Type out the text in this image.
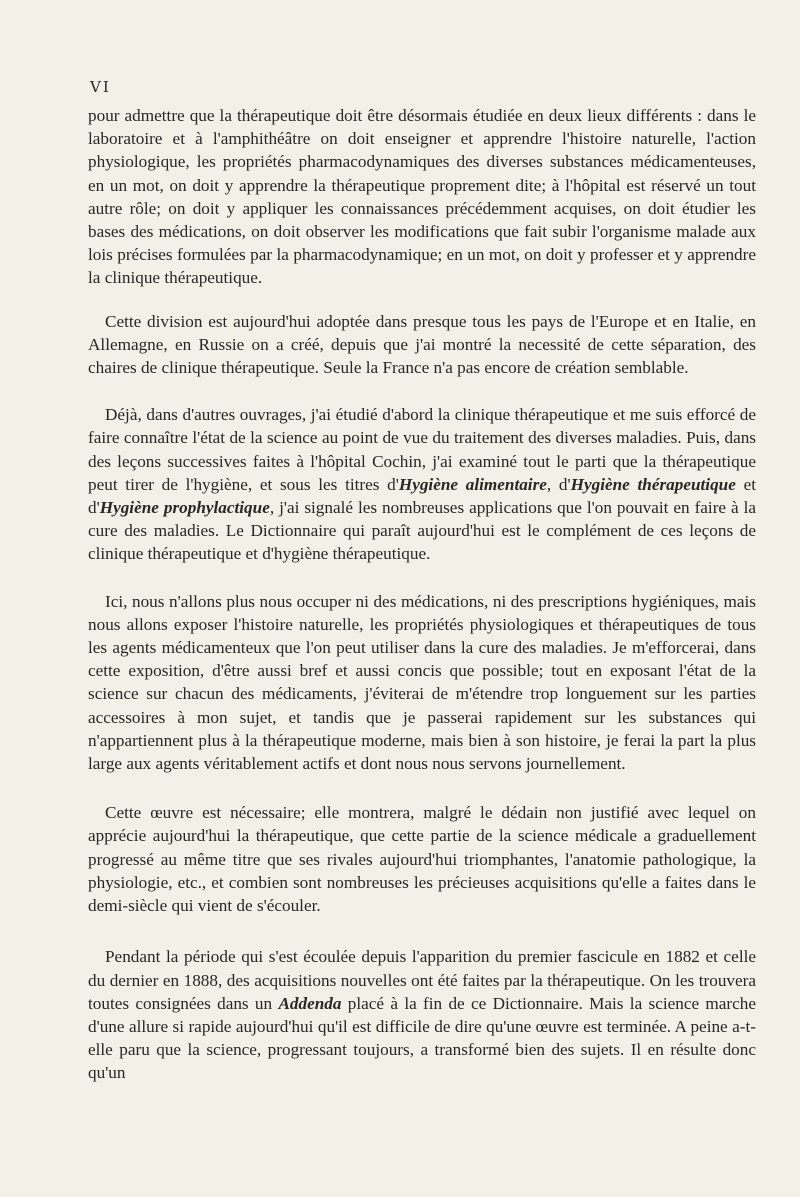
VI

pour admettre que la thérapeutique doit être désormais étudiée en deux lieux différents : dans le laboratoire et à l'amphithéâtre on doit enseigner et apprendre l'histoire naturelle, l'action physiologique, les propriétés pharmacodynamiques des diverses substances médicamenteuses, en un mot, on doit y apprendre la thérapeutique proprement dite; à l'hôpital est réservé un tout autre rôle; on doit y appliquer les connaissances précédemment acquises, on doit étudier les bases des médications, on doit observer les modifications que fait subir l'organisme malade aux lois précises formulées par la pharmacodynamique; en un mot, on doit y professer et y apprendre la clinique thérapeutique.

Cette division est aujourd'hui adoptée dans presque tous les pays de l'Europe et en Italie, en Allemagne, en Russie on a créé, depuis que j'ai montré la necessité de cette séparation, des chaires de clinique thérapeutique. Seule la France n'a pas encore de création semblable.

Déjà, dans d'autres ouvrages, j'ai étudié d'abord la clinique thérapeutique et me suis efforcé de faire connaître l'état de la science au point de vue du traitement des diverses maladies. Puis, dans des leçons successives faites à l'hôpital Cochin, j'ai examiné tout le parti que la thérapeutique peut tirer de l'hygiène, et sous les titres d'Hygiène alimentaire, d'Hygiène thérapeutique et d'Hygiène prophylactique, j'ai signalé les nombreuses applications que l'on pouvait en faire à la cure des maladies. Le Dictionnaire qui paraît aujourd'hui est le complément de ces leçons de clinique thérapeutique et d'hygiène thérapeutique.

Ici, nous n'allons plus nous occuper ni des médications, ni des prescriptions hygiéniques, mais nous allons exposer l'histoire naturelle, les propriétés physiologiques et thérapeutiques de tous les agents médicamenteux que l'on peut utiliser dans la cure des maladies. Je m'efforcerai, dans cette exposition, d'être aussi bref et aussi concis que possible; tout en exposant l'état de la science sur chacun des médicaments, j'éviterai de m'étendre trop longuement sur les parties accessoires à mon sujet, et tandis que je passerai rapidement sur les substances qui n'appartiennent plus à la thérapeutique moderne, mais bien à son histoire, je ferai la part la plus large aux agents véritablement actifs et dont nous nous servons journellement.

Cette œuvre est nécessaire; elle montrera, malgré le dédain non justifié avec lequel on apprécie aujourd'hui la thérapeutique, que cette partie de la science médicale a graduellement progressé au même titre que ses rivales aujourd'hui triomphantes, l'anatomie pathologique, la physiologie, etc., et combien sont nombreuses les précieuses acquisitions qu'elle a faites dans le demi-siècle qui vient de s'écouler.

Pendant la période qui s'est écoulée depuis l'apparition du premier fascicule en 1882 et celle du dernier en 1888, des acquisitions nouvelles ont été faites par la thérapeutique. On les trouvera toutes consignées dans un Addenda placé à la fin de ce Dictionnaire. Mais la science marche d'une allure si rapide aujourd'hui qu'il est difficile de dire qu'une œuvre est terminée. A peine a-t-elle paru que la science, progressant toujours, a transformé bien des sujets. Il en résulte donc qu'un
